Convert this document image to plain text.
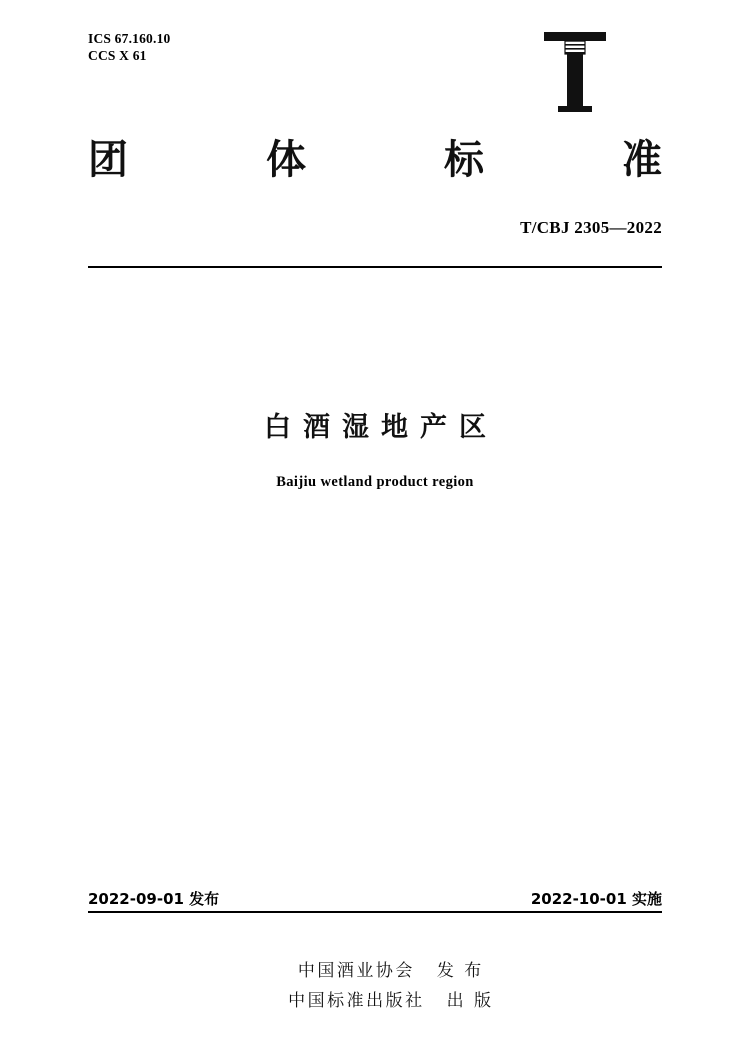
ICS 67.160.10
CCS X 61
团	体	标	准
T/CBJ 2305—2022
白酒湿地产区
Baijiu wetland product region
2022-09-01 发布	2022-10-01 实施

中国酒业协会 发 布

中国标准出版社 出 版
